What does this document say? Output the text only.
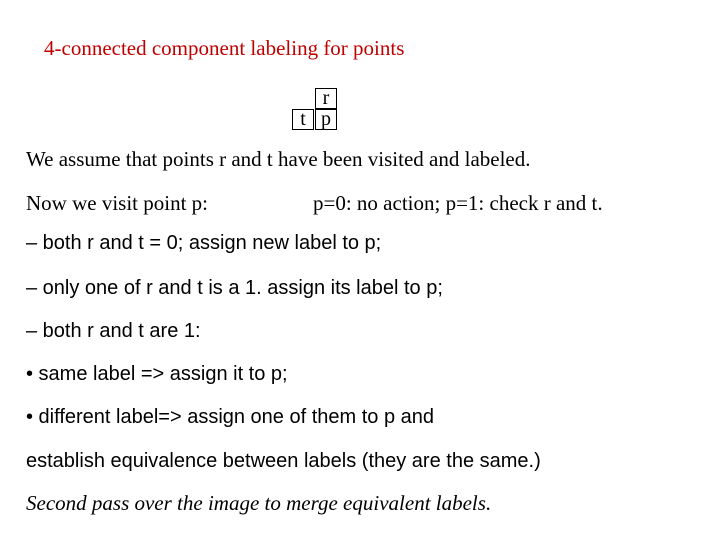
4-connected component labeling for points
r
t p
We assume that points r and t have been visited and labeled.
Now we visit point p:	p=0: no action; p=1: check r and t.
– both r and t = 0; assign new label to p;
– only one of r and t is a 1. assign its label to p;
– both r and t are 1:
• same label => assign it to p;
• different label=> assign one of them to p and
establish equivalence between labels (they are the same.)
Second pass over the image to merge equivalent labels.
